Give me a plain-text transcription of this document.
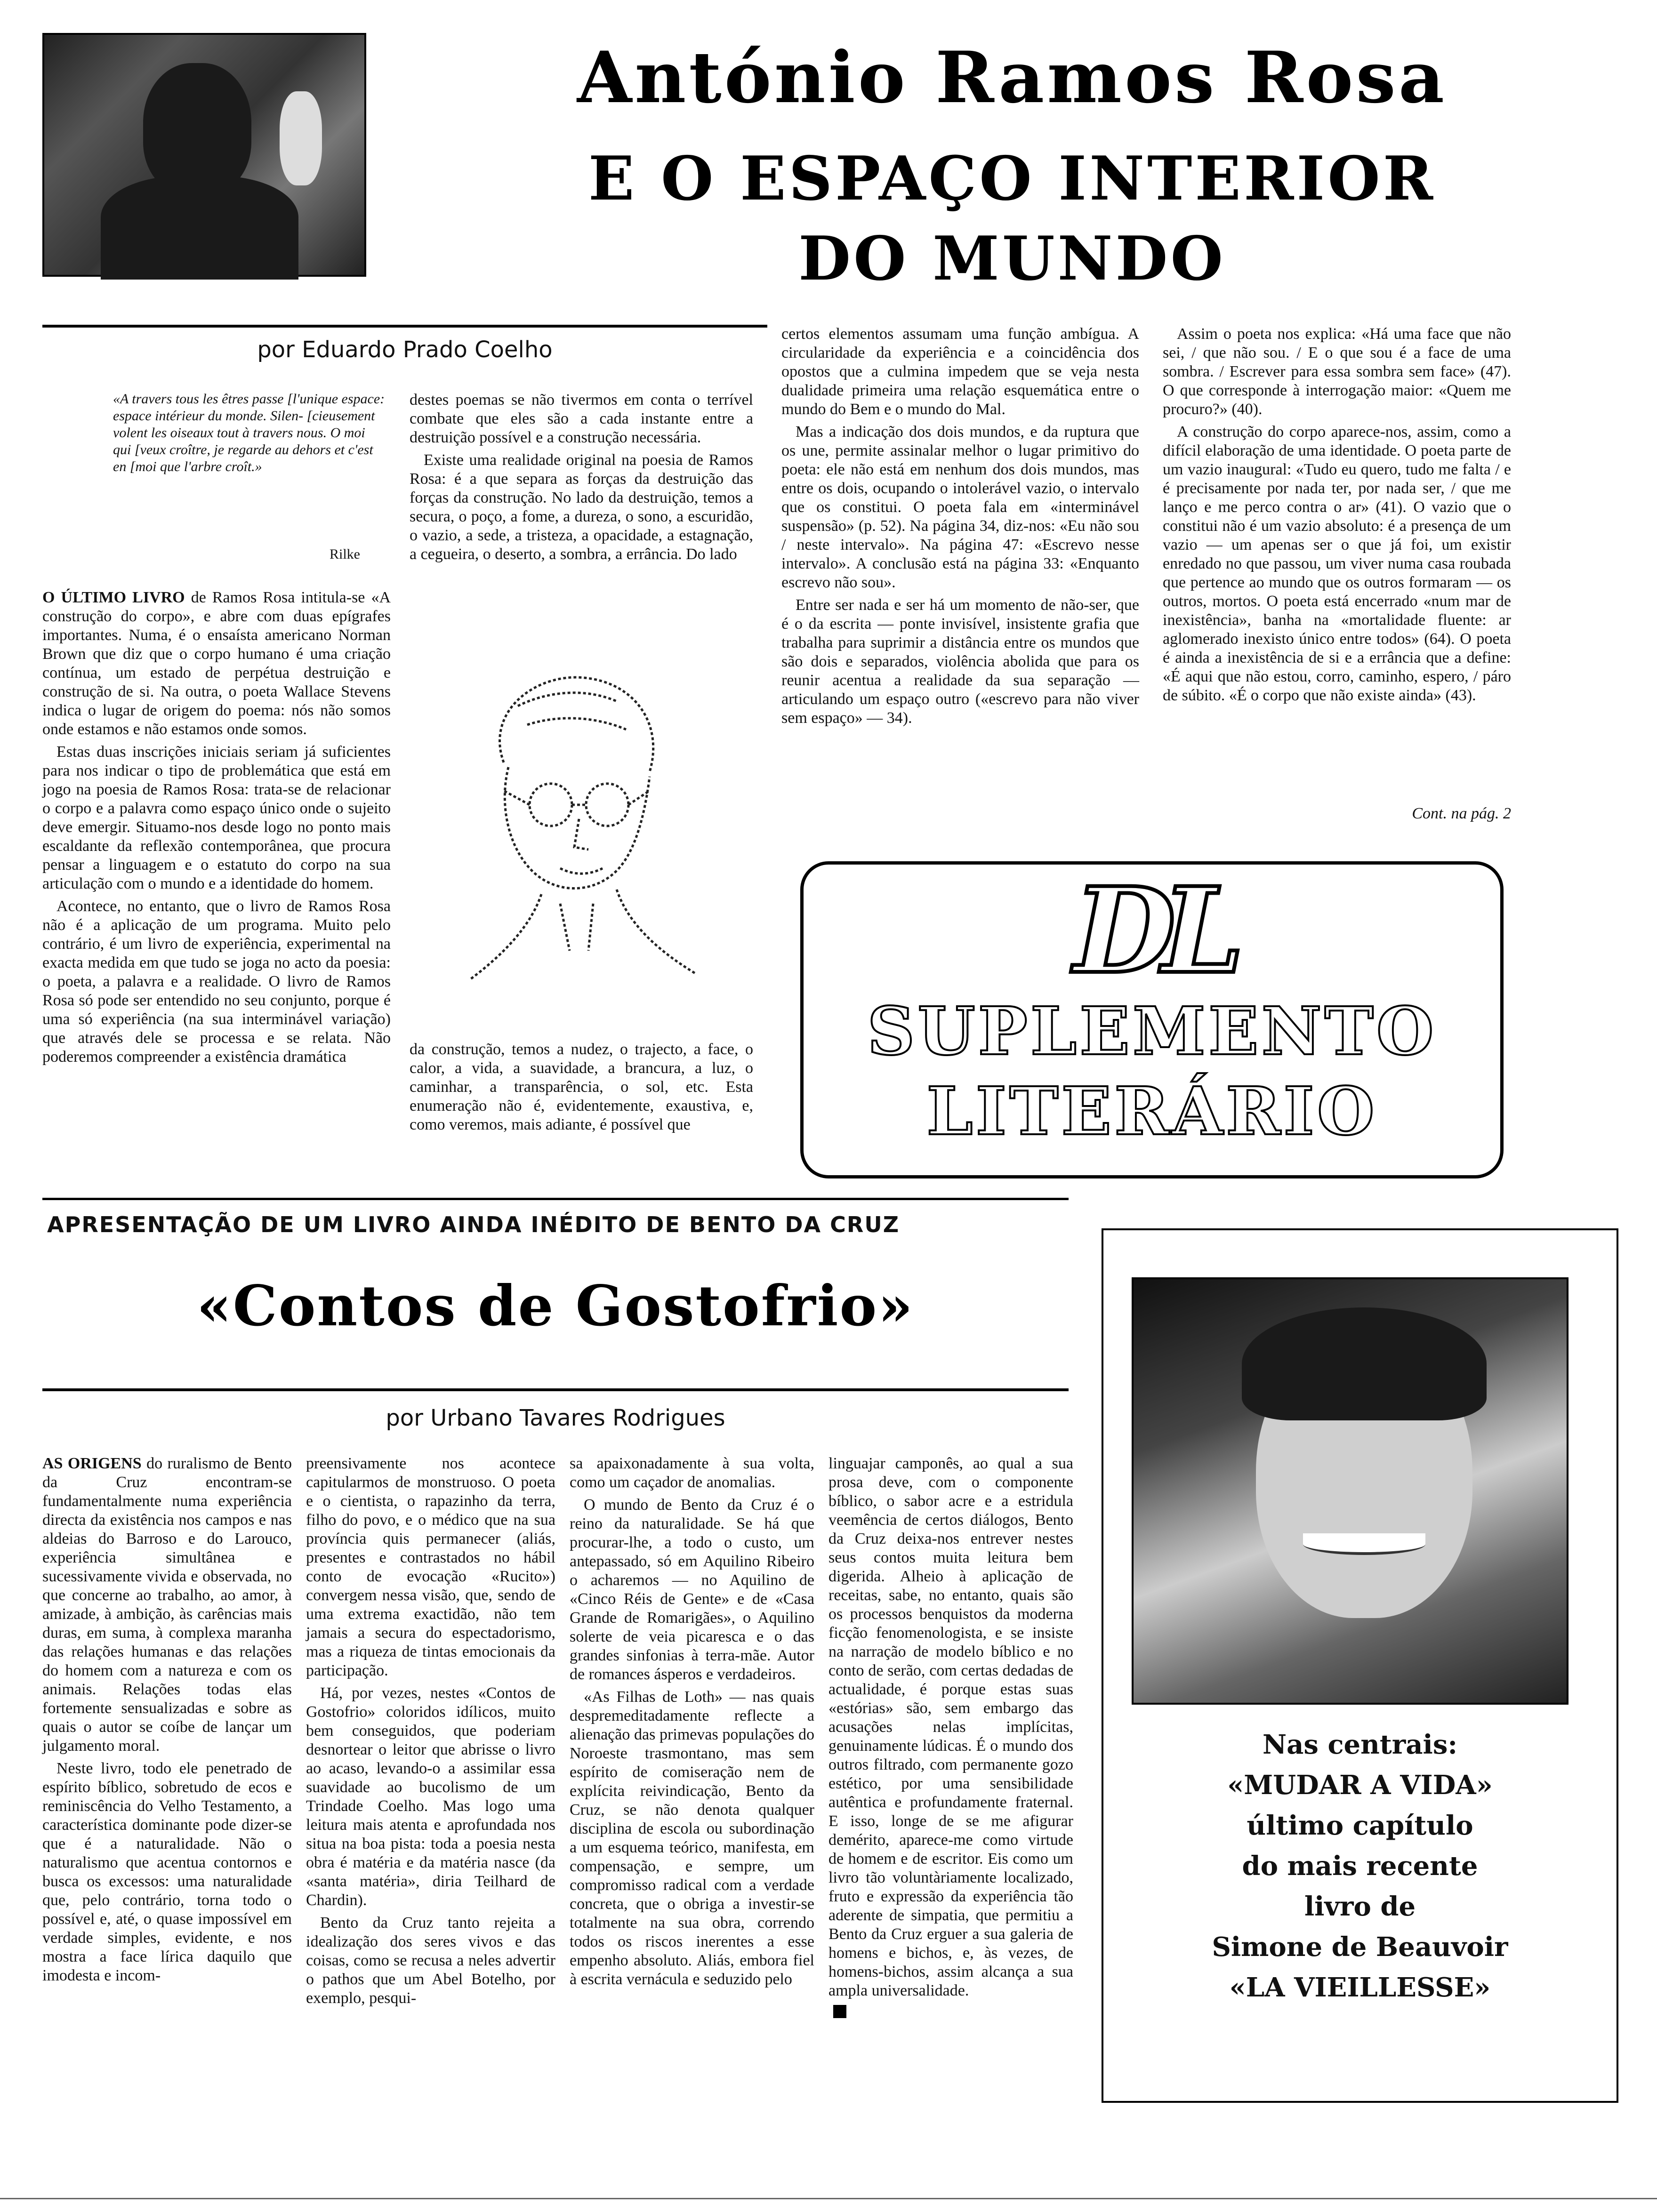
António Ramos Rosa
E O ESPAÇO INTERIOR
DO MUNDO
por Eduardo Prado Coelho
«A travers tous les êtres passe [l'unique espace: espace intérieur du monde. Silen- [cieusement volent les oiseaux tout à travers nous. O moi qui [veux croître, je regarde au dehors et c'est en [moi que l'arbre croît.»
Rilke

O ÚLTIMO LIVRO de Ramos Rosa intitula-se «A construção do corpo», e abre com duas epígrafes importantes. Numa, é o ensaísta americano Norman Brown que diz que o corpo humano é uma criação contínua, um estado de perpétua destruição e construção de si. Na outra, o poeta Wallace Stevens indica o lugar de origem do poema: nós não somos onde estamos e não estamos onde somos.

Estas duas inscrições iniciais seriam já suficientes para nos indicar o tipo de problemática que está em jogo na poesia de Ramos Rosa: trata-se de relacionar o corpo e a palavra como espaço único onde o sujeito deve emergir. Situamo-nos desde logo no ponto mais escaldante da reflexão contemporânea, que procura pensar a linguagem e o estatuto do corpo na sua articulação com o mundo e a identidade do homem.

Acontece, no entanto, que o livro de Ramos Rosa não é a aplicação de um programa. Muito pelo contrário, é um livro de experiência, experimental na exacta medida em que tudo se joga no acto da poesia: o poeta, a palavra e a realidade. O livro de Ramos Rosa só pode ser entendido no seu conjunto, porque é uma só experiência (na sua interminável variação) que através dele se processa e se relata. Não poderemos compreender a existência dramática

destes poemas se não tivermos em conta o terrível combate que eles são a cada instante entre a destruição possível e a construção necessária.

Existe uma realidade original na poesia de Ramos Rosa: é a que separa as forças da destruição das forças da construção. No lado da destruição, temos a secura, o poço, a fome, a dureza, o sono, a escuridão, o vazio, a sede, a tristeza, a opacidade, a estagnação, a cegueira, o deserto, a sombra, a errância. Do lado

da construção, temos a nudez, o trajecto, a face, o calor, a vida, a suavidade, a brancura, a luz, o caminhar, a transparência, o sol, etc. Esta enumeração não é, evidentemente, exaustiva, e, como veremos, mais adiante, é possível que

certos elementos assumam uma função ambígua. A circularidade da experiência e a coincidência dos opostos que a culmina impedem que se veja nesta dualidade primeira uma relação esquemática entre o mundo do Bem e o mundo do Mal.

Mas a indicação dos dois mundos, e da ruptura que os une, permite assinalar melhor o lugar primitivo do poeta: ele não está em nenhum dos dois mundos, mas entre os dois, ocupando o intolerável vazio, o intervalo que os constitui. O poeta fala em «interminável suspensão» (p. 52). Na página 34, diz-nos: «Eu não sou / neste intervalo». Na página 47: «Escrevo nesse intervalo». A conclusão está na página 33: «Enquanto escrevo não sou».

Entre ser nada e ser há um momento de não-ser, que é o da escrita — ponte invisível, insistente grafia que trabalha para suprimir a distância entre os mundos que são dois e separados, violência abolida que para os reunir acentua a realidade da sua separação — articulando um espaço outro («escrevo para não viver sem espaço» — 34).

Assim o poeta nos explica: «Há uma face que não sei, / que não sou. / E o que sou é a face de uma sombra. / Escrever para essa sombra sem face» (47). O que corresponde à interrogação maior: «Quem me procuro?» (40).

A construção do corpo aparece-nos, assim, como a difícil elaboração de uma identidade. O poeta parte de um vazio inaugural: «Tudo eu quero, tudo me falta / e é precisamente por nada ter, por nada ser, / que me lanço e me perco contra o ar» (41). O vazio que o constitui não é um vazio absoluto: é a presença de um vazio — um apenas ser o que já foi, um existir enredado no que passou, um viver numa casa roubada que pertence ao mundo que os outros formaram — os outros, mortos. O poeta está encerrado «num mar de inexistência», banha na «mortalidade fluente: ar aglomerado inexisto único entre todos» (64). O poeta é ainda a inexistência de si e a errância que a define: «É aqui que não estou, corro, caminho, espero, / páro de súbito. «É o corpo que não existe ainda» (43).

Cont. na pág. 2
DL
SUPLEMENTO
LITERÁRIO
APRESENTAÇÃO DE UM LIVRO AINDA INÉDITO DE BENTO DA CRUZ
«Contos de Gostofrio»
por Urbano Tavares Rodrigues

AS ORIGENS do ruralismo de Bento da Cruz encontram-se fundamentalmente numa experiência directa da existência nos campos e nas aldeias do Barroso e do Larouco, experiência simultânea e sucessivamente vivida e observada, no que concerne ao trabalho, ao amor, à amizade, à ambição, às carências mais duras, em suma, à complexa maranha das relações humanas e das relações do homem com a natureza e com os animais. Relações todas elas fortemente sensualizadas e sobre as quais o autor se coíbe de lançar um julgamento moral.

Neste livro, todo ele penetrado de espírito bíblico, sobretudo de ecos e reminiscência do Velho Testamento, a característica dominante pode dizer-se que é a naturalidade. Não o naturalismo que acentua contornos e busca os excessos: uma naturalidade que, pelo contrário, torna todo o possível e, até, o quase impossível em verdade simples, evidente, e nos mostra a face lírica daquilo que imodesta e incom-

preensivamente nos acontece capitularmos de monstruoso. O poeta e o cientista, o rapazinho da terra, filho do povo, e o médico que na sua província quis permanecer (aliás, presentes e contrastados no hábil conto de evocação «Rucito») convergem nessa visão, que, sendo de uma extrema exactidão, não tem jamais a secura do espectadorismo, mas a riqueza de tintas emocionais da participação.

Há, por vezes, nestes «Contos de Gostofrio» coloridos idílicos, muito bem conseguidos, que poderiam desnortear o leitor que abrisse o livro ao acaso, levando-o a assimilar essa suavidade ao bucolismo de um Trindade Coelho. Mas logo uma leitura mais atenta e aprofundada nos situa na boa pista: toda a poesia nesta obra é matéria e da matéria nasce (da «santa matéria», diria Teilhard de Chardin).

Bento da Cruz tanto rejeita a idealização dos seres vivos e das coisas, como se recusa a neles advertir o pathos que um Abel Botelho, por exemplo, pesqui-

sa apaixonadamente à sua volta, como um caçador de anomalias.

O mundo de Bento da Cruz é o reino da naturalidade. Se há que procurar-lhe, a todo o custo, um antepassado, só em Aquilino Ribeiro o acharemos — no Aquilino de «Cinco Réis de Gente» e de «Casa Grande de Romarigães», o Aquilino solerte de veia picaresca e o das grandes sinfonias à terra-mãe. Autor de romances ásperos e verdadeiros.

«As Filhas de Loth» — nas quais despremeditadamente reflecte a alienação das primevas populações do Noroeste trasmontano, mas sem espírito de comiseração nem de explícita reivindicação, Bento da Cruz, se não denota qualquer disciplina de escola ou subordinação a um esquema teórico, manifesta, em compensação, e sempre, um compromisso radical com a verdade concreta, que o obriga a investir-se totalmente na sua obra, correndo todos os riscos inerentes a esse empenho absoluto. Aliás, embora fiel à escrita vernácula e seduzido pelo

linguajar camponês, ao qual a sua prosa deve, com o componente bíblico, o sabor acre e a estridula veemência de certos diálogos, Bento da Cruz deixa-nos entrever nestes seus contos muita leitura bem digerida. Alheio à aplicação de receitas, sabe, no entanto, quais são os processos benquistos da moderna ficção fenomenologista, e se insiste na narração de modelo bíblico e no conto de serão, com certas dedadas de actualidade, é porque estas suas «estórias» são, sem embargo das acusações nelas implícitas, genuinamente lúdicas. É o mundo dos outros filtrado, com permanente gozo estético, por uma sensibilidade autêntica e profundamente fraternal. E isso, longe de se me afigurar demérito, aparece-me como virtude de homem e de escritor. Eis como um livro tão voluntàriamente localizado, fruto e expressão da experiência tão aderente de simpatia, que permitiu a Bento da Cruz erguer a sua galeria de homens e bichos, e, às vezes, de homens-bichos, assim alcança a sua ampla universalidade.

Nas centrais:
«MUDAR A VIDA»
último capítulo
do mais recente
livro de
Simone de Beauvoir
«LA VIEILLESSE»
